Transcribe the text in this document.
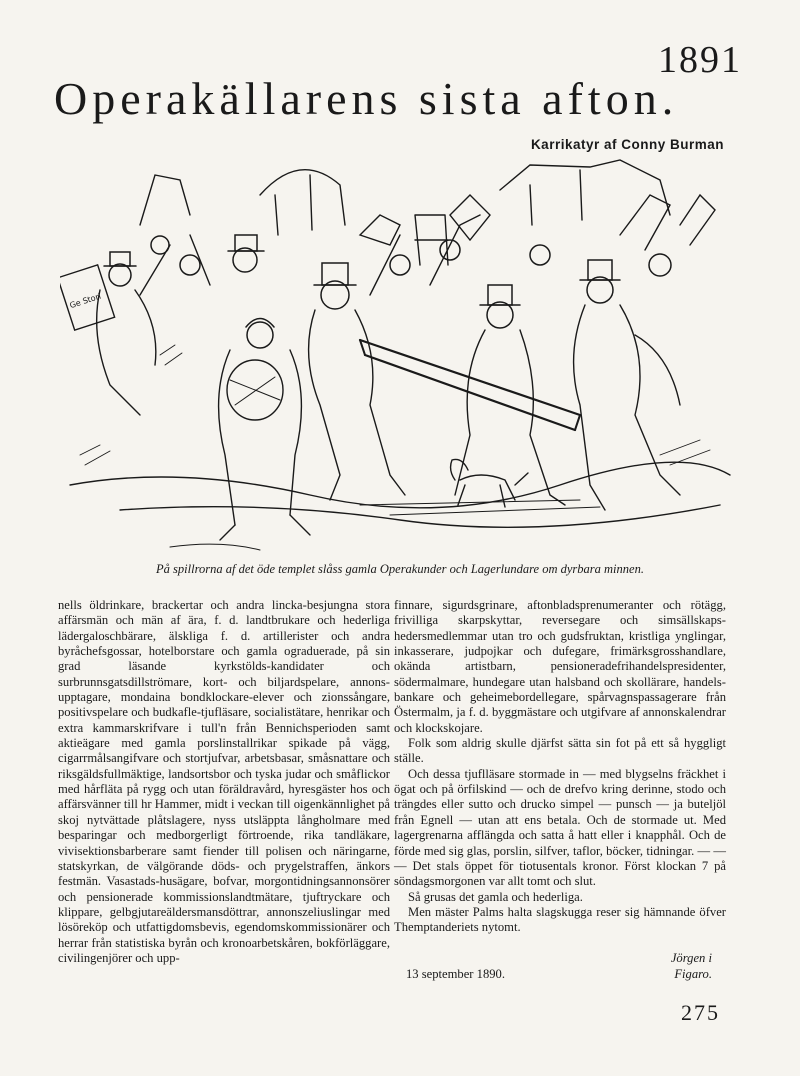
1891
Operakällarens sista afton.
Karrikatyr af Conny Burman
Ge Storl
På spillrorna af det öde templet slåss gamla Operakunder och Lagerlundare om dyrbara minnen.

nells öldrinkare, brackertar och andra lincka-besjungna stora affärsmän och män af ära, f. d. landtbrukare och hederliga lädergaloschbärare, älskliga f. d. artillerister och andra byråchefsgossar, hotelborstare och gamla ograduerade, på sin grad läsande kyrkstölds-kandidater och surbrunnsgatsdillströmare, kort- och biljardspelare, annons-upptagare, mondaina bondklockare-elever och zionssångare, positivspelare och budkafle-tjufläsare, socialistätare, henrikar och extra kammarskrifvare i tull'n från Bennichsperioden samt aktieägare med gamla porslinstallrikar spikade på vägg, cigarrmålsangifvare och stortjufvar, arbetsbasar, småsnattare och riksgäldsfullmäktige, landsortsbor och tyska judar och småflickor med hårfläta på rygg och utan föräldravård, hyresgäster hos och affärsvänner till hr Hammer, midt i veckan till oigenkännlighet på skoj nytvättade plåtslagere, nyss utsläppta långholmare med besparingar och medborgerligt förtroende, rika tandläkare, vivisektionsbarberare samt fiender till polisen och näringarne, statskyrkan, de välgörande döds- och prygelstraffen, änkors festmän. Vasastads-husägare, bofvar, morgontidningsannonsörer och pensionerade kommissionslandtmätare, tjuftryckare och klippare, gelbgjutareäldersmansdöttrar, annonszeliuslingar med lösöreköp och utfattigdomsbevis, egendomskommissionärer och herrar från statistiska byrån och kronoarbetskåren, bokförläggare, civilingenjörer och upp-

finnare, sigurdsgrinare, aftonbladsprenumeranter och rötägg, frivilliga skarpskyttar, reversegare och simsällskaps-hedersmedlemmar utan tro och gudsfruktan, kristliga ynglingar, inkasserare, judpojkar och dufegare, frimärksgrosshandlare, okända artistbarn, pensioneradefrihandelspresidenter, södermalmare, hundegare utan halsband och skollärare, handels-bankare och geheimebordellegare, spårvagnspassagerare från Östermalm, ja f. d. byggmästare och utgifvare af annonskalendrar och klockskojare.

Folk som aldrig skulle djärfst sätta sin fot på ett så hyggligt ställe.

Och dessa tjuflläsare stormade in — med blygselns fräckhet i ögat och på örfilskind — och de drefvo kring derinne, stodo och trängdes eller sutto och drucko simpel — punsch — ja buteljöl från Egnell — utan att ens betala. Och de stormade ut. Med lagergrenarna afflängda och satta å hatt eller i knapphål. Och de förde med sig glas, porslin, silfver, taflor, böcker, tidningar. — — — Det stals öppet för tiotusentals kronor. Först klockan 7 på söndagsmorgonen var allt tomt och slut.

Så grusas det gamla och hederliga.

Men mäster Palms halta slagskugga reser sig hämnande öfver Themptanderiets nytomt.

Jörgen i
13 september 1890.	Figaro.
275
